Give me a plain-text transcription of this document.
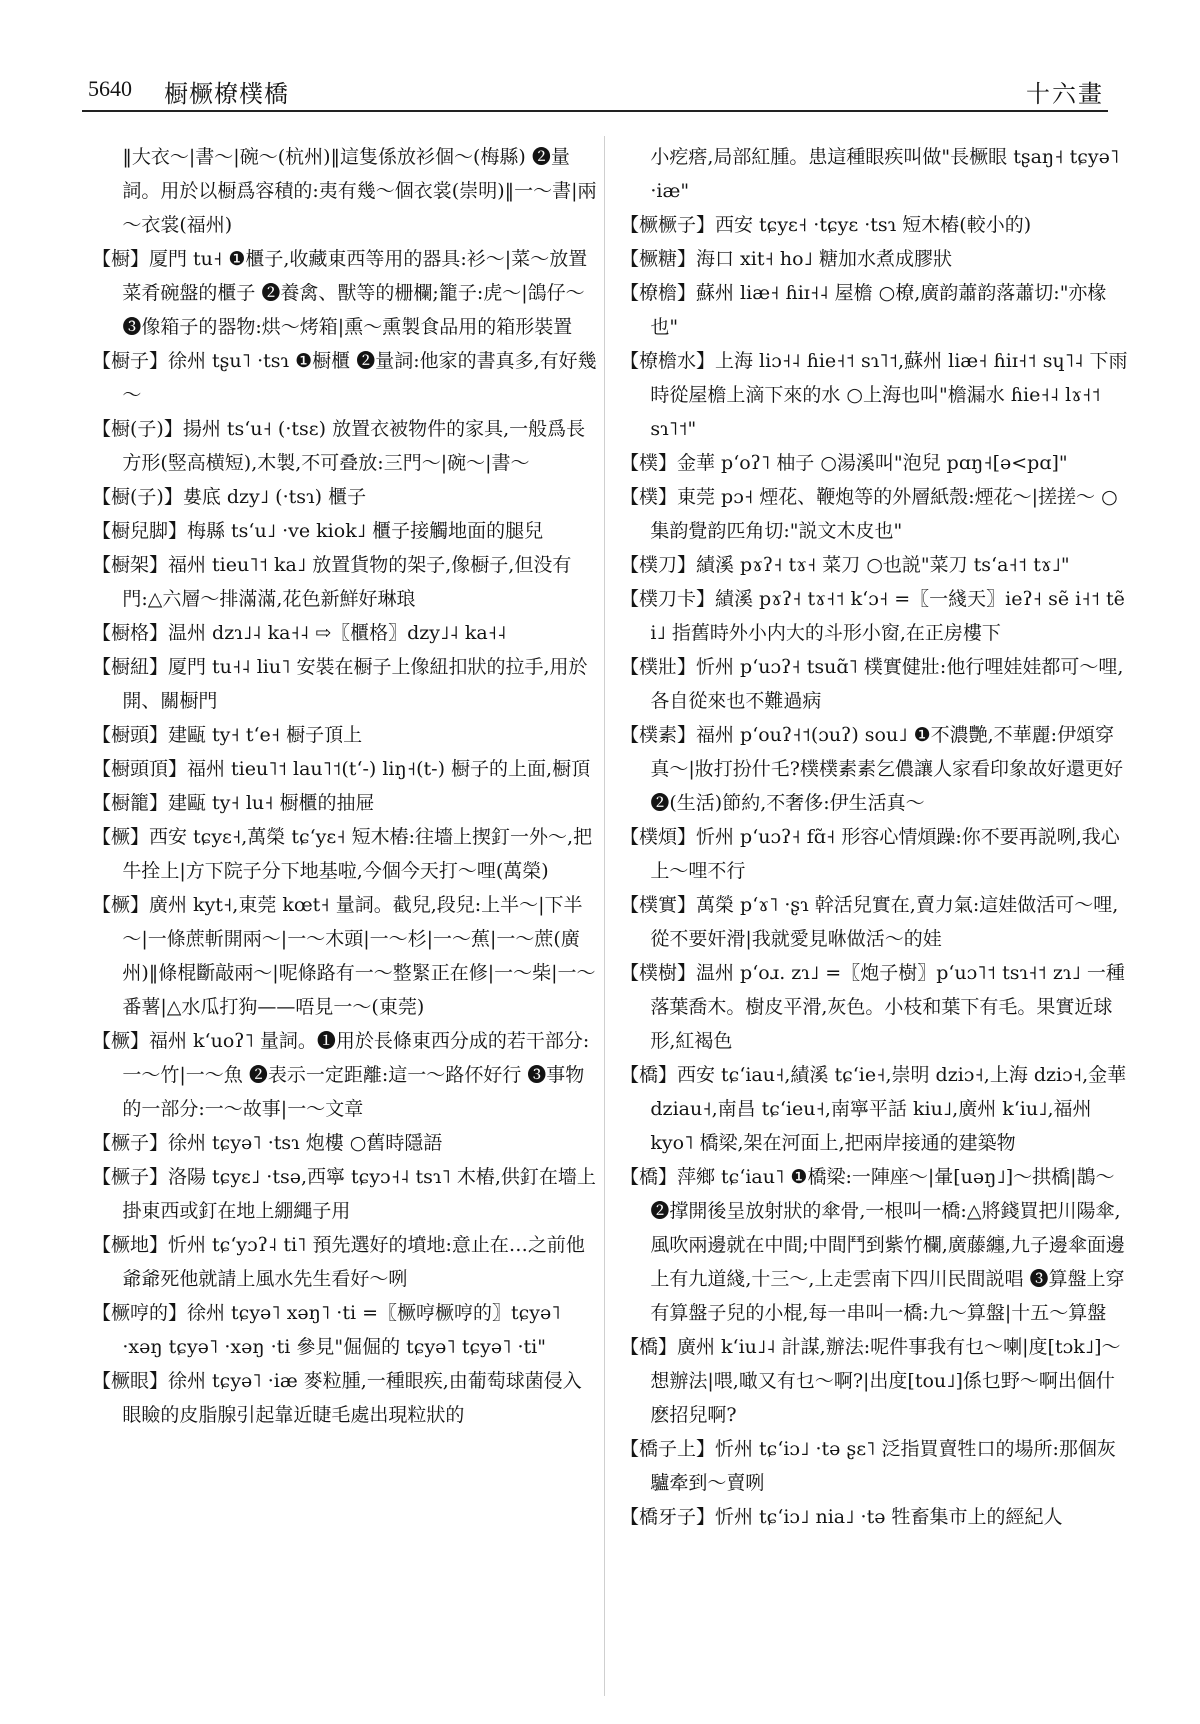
5640 橱橛橑樸橋	十六畫
‖大衣～|書～|碗～(杭州)‖這隻係放衫個～(梅縣) ❷量詞。用於以橱爲容積的:夷有幾～個衣裳(崇明)‖一～書|兩～衣裳(福州)
【橱】厦門 tu˧ ❶櫃子,收藏東西等用的器具:衫～|菜～放置菜肴碗盤的櫃子 ❷養禽、獸等的栅欄;籠子:虎～|鴿仔～ ❸像箱子的器物:烘～烤箱|熏～熏製食品用的箱形裝置
【橱子】徐州 tʂu˥ ·tsɿ ❶橱櫃 ❷量詞:他家的書真多,有好幾～
【橱(子)】揚州 tsʻu˧ (·tsɛ) 放置衣被物件的家具,一般爲長方形(竪高横短),木製,不可叠放:三門～|碗～|書～
【橱(子)】婁底 dzy˩ (·tsɿ) 櫃子
【橱兒脚】梅縣 tsʻu˩ ·ve kiok˩ 櫃子接觸地面的腿兒
【橱架】福州 tieu˥˦ ka˩ 放置貨物的架子,像橱子,但没有門:△六層～排滿滿,花色新鮮好琳琅
【橱格】温州 dzɿ˩˨ ka˧˨ ⇨〖櫃格〗dzy˩˨ ka˧˨
【橱紐】厦門 tu˧˨ liu˥ 安裝在橱子上像紐扣狀的拉手,用於開、關橱門
【橱頭】建甌 ty˧ tʻe˧ 橱子頂上
【橱頭頂】福州 tieu˥˦ lau˥˦(tʻ-) liŋ˧(t-) 橱子的上面,橱頂
【橱籠】建甌 ty˧ lu˧ 橱櫃的抽屉
【橛】西安 tɕyɛ˧,萬榮 tɕʻyɛ˧ 短木樁:往墻上揳釘一外～,把牛拴上|方下院子分下地基啦,今個今天打～哩(萬榮)
【橛】廣州 kyt˧,東莞 kœt˧ 量詞。截兒,段兒:上半～|下半～|一條蔗斬開兩～|一～木頭|一～杉|一～蕉|一～蔗(廣州)‖條棍斷敲兩～|呢條路有一～整緊正在修|一～柴|一～番薯|△水瓜打狗——唔見一～(東莞)
【橛】福州 kʻuoʔ˥ 量詞。❶用於長條東西分成的若干部分:一～竹|一～魚 ❷表示一定距離:這一～路伓好行 ❸事物的一部分:一～故事|一～文章
【橛子】徐州 tɕyə˥ ·tsɿ 炮樓 ○舊時隱語
【橛子】洛陽 tɕyɛ˩ ·tsə,西寧 tɕyɔ˧˨ tsɿ˥ 木樁,供釘在墻上掛東西或釘在地上綳繩子用
【橛地】忻州 tɕʻyɔʔ˨ ti˥ 預先選好的墳地:意止在…之前他爺爺死他就請上風水先生看好～咧
【橛哼的】徐州 tɕyə˥ xəŋ˥ ·ti =〖橛哼橛哼的〗tɕyə˥ ·xəŋ tɕyə˥ ·xəŋ ·ti 參見"倔倔的 tɕyə˥ tɕyə˥ ·ti"
【橛眼】徐州 tɕyə˥ ·iæ 麥粒腫,一種眼疾,由葡萄球菌侵入眼瞼的皮脂腺引起靠近睫毛處出現粒狀的
小疙瘩,局部紅腫。患這種眼疾叫做"長橛眼 tʂaŋ˧ tɕyə˥ ·iæ"
【橛橛子】西安 tɕyɛ˧ ·tɕyɛ ·tsɿ 短木樁(較小的)
【橛糖】海口 xit˧ ho˩ 糖加水煮成膠狀
【橑檐】蘇州 liæ˧ ɦiɪ˧˨ 屋檐 ○橑,廣韵蕭韵落蕭切:"亦椽也"
【橑檐水】上海 liɔ˧˨ ɦie˧˦ sɿ˥˦,蘇州 liæ˧ ɦiɪ˧˦ sɥ˥˨ 下雨時從屋檐上滴下來的水 ○上海也叫"檐漏水 ɦie˧˨ lɤ˧˦ sɿ˥˦"
【樸】金華 pʻoʔ˥ 柚子 ○湯溪叫"泡兒 pɑŋ˧[ə<pɑ]"
【樸】東莞 pɔ˧ 煙花、鞭炮等的外層紙殼:煙花～|搓搓～ ○集韵覺韵匹角切:"説文木皮也"
【樸刀】績溪 pɤʔ˧ tɤ˧ 菜刀 ○也説"菜刀 tsʻa˧˦ tɤ˩"
【樸刀卡】績溪 pɤʔ˧ tɤ˧˦ kʻɔ˧ =〖一綫天〗ieʔ˧ sẽ i˧˦ tẽ i˩ 指舊時外小内大的斗形小窗,在正房樓下
【樸壯】忻州 pʻuɔʔ˧ tsuɑ̃˥ 樸實健壯:他行哩娃娃都可～哩,各自從來也不難過病
【樸素】福州 pʻouʔ˧˦(ɔuʔ) sou˩ ❶不濃艷,不華麗:伊頌穿真～|妝打扮什乇?樸樸素素乞儂讓人家看印象故好還更好 ❷(生活)節約,不奢侈:伊生活真～
【樸煩】忻州 pʻuɔʔ˧ fɑ̃˧ 形容心情煩躁:你不要再説咧,我心上～哩不行
【樸實】萬榮 pʻɤ˥ ·ʂɿ 幹活兒實在,賣力氣:這娃做活可～哩,從不要奸滑|我就愛見咻做活～的娃
【樸樹】温州 pʻoɹ. zɿ˩ =〖炮子樹〗pʻuɔ˥˦ tsɿ˧˦ zɿ˩ 一種落葉喬木。樹皮平滑,灰色。小枝和葉下有毛。果實近球形,紅褐色
【橋】西安 tɕʻiau˧,績溪 tɕʻie˧,崇明 dziɔ˧,上海 dziɔ˧,金華 dziau˧,南昌 tɕʻieu˧,南寧平話 kiu˩,廣州 kʻiu˩,福州 kyo˥ 橋梁,架在河面上,把兩岸接通的建築物
【橋】萍鄉 tɕʻiau˥ ❶橋梁:一陣座～|暈[uəŋ˩]～拱橋|鵲～ ❷撑開後呈放射狀的傘骨,一根叫一橋:△將錢買把川陽傘,風吹兩邊就在中間;中間鬥到紫竹欄,廣藤纏,九子邊傘面邊上有九道綫,十三～,上走雲南下四川民間説唱 ❸算盤上穿有算盤子兒的小棍,每一串叫一橋:九～算盤|十五～算盤
【橋】廣州 kʻiu˩˨ 計謀,辦法:呢件事我有乜～喇|度[tɔk˩]～想辦法|喂,噉又有乜～啊?|出度[tou˩]係乜野～啊出個什麽招兒啊?
【橋子上】忻州 tɕʻiɔ˩ ·tə ʂɛ˥ 泛指買賣牲口的場所:那個灰驢牽到～賣咧
【橋牙子】忻州 tɕʻiɔ˩ nia˩ ·tə 牲畜集市上的經紀人
